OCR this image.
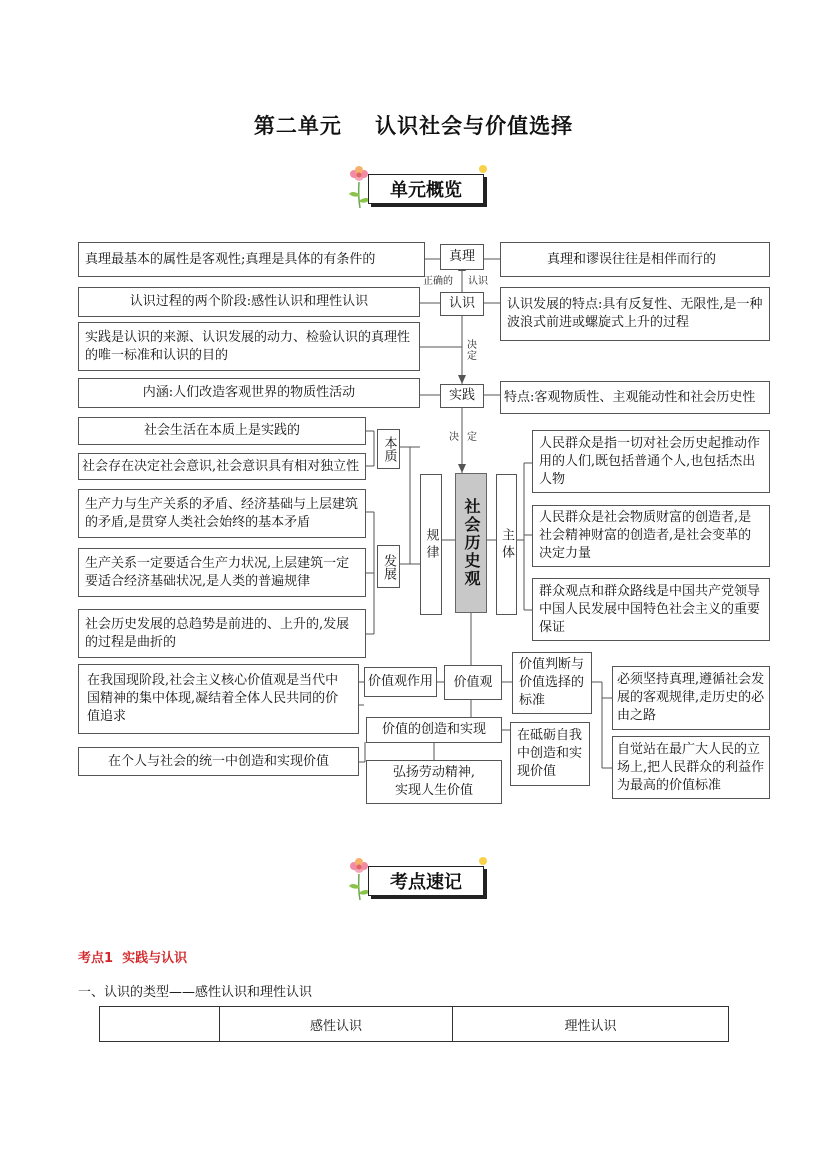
第二单元    认识社会与价值选择
单元概览
真理最基本的属性是客观性;真理是具体的有条件的	真理	真理和谬误往往是相伴而行的
正确的 认识
认识过程的两个阶段:感性认识和理性认识	认识	认识发展的特点:具有反复性、无限性,是一种波浪式前进或螺旋式上升的过程
实践是认识的来源、认识发展的动力、检验认识的真理性的唯一标准和认识的目的
决定
内涵:人们改造客观世界的物质性活动	实践	特点:客观物质性、主观能动性和社会历史性
决定
社会生活在本质上是实践的
社会存在决定社会意识,社会意识具有相对独立性
本质
规律
生产力与生产关系的矛盾、经济基础与上层建筑的矛盾,是贯穿人类社会始终的基本矛盾
生产关系一定要适合生产力状况,上层建筑一定要适合经济基础状况,是人类的普遍规律
社会历史发展的总趋势是前进的、上升的,发展的过程是曲折的
发展	社会历史观 主体
人民群众是指一切对社会历史起推动作用的人们,既包括普通个人,也包括杰出人物
人民群众是社会物质财富的创造者,是社会精神财富的创造者,是社会变革的决定力量
群众观点和群众路线是中国共产党领导中国人民发展中国特色社会主义的重要保证
在我国现阶段,社会主义核心价值观是当代中国精神的集中体现,凝结着全体人民共同的价值追求
价值观作用	价值观
价值判断与价值选择的标准
必须坚持真理,遵循社会发展的客观规律,走历史的必由之路
自觉站在最广大人民的立场上,把人民群众的利益作为最高的价值标准
价值的创造和实现
在个人与社会的统一中创造和实现价值
在砥砺自我中创造和实现价值
弘扬劳动精神,实现人生价值
考点速记
考点1  实践与认识
一、认识的类型——感性认识和理性认识
	感性认识	理性认识
